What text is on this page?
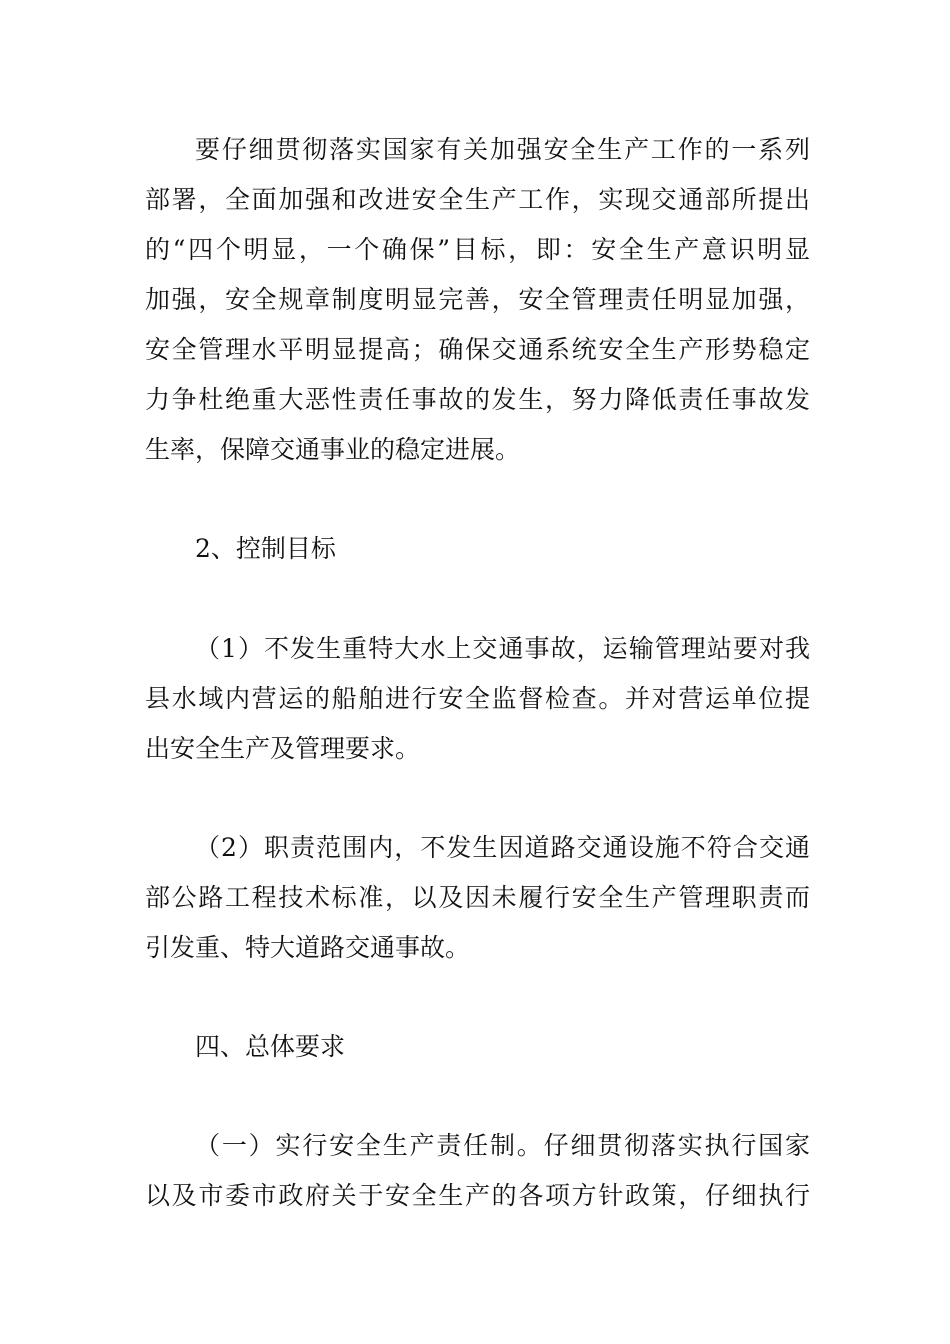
要仔细贯彻落实国家有关加强安全生产工作的一系列
部署，全面加强和改进安全生产工作，实现交通部所提出
的“四个明显，一个确保”目标，即：安全生产意识明显
加强，安全规章制度明显完善，安全管理责任明显加强，
安全管理水平明显提高；确保交通系统安全生产形势稳定
力争杜绝重大恶性责任事故的发生，努力降低责任事故发
生率，保障交通事业的稳定进展。
2、控制目标
（1）不发生重特大水上交通事故，运输管理站要对我
县水域内营运的船舶进行安全监督检查。并对营运单位提
出安全生产及管理要求。
（2）职责范围内，不发生因道路交通设施不符合交通
部公路工程技术标准，以及因未履行安全生产管理职责而
引发重、特大道路交通事故。
四、总体要求
（一）实行安全生产责任制。仔细贯彻落实执行国家
以及市委市政府关于安全生产的各项方针政策，仔细执行
